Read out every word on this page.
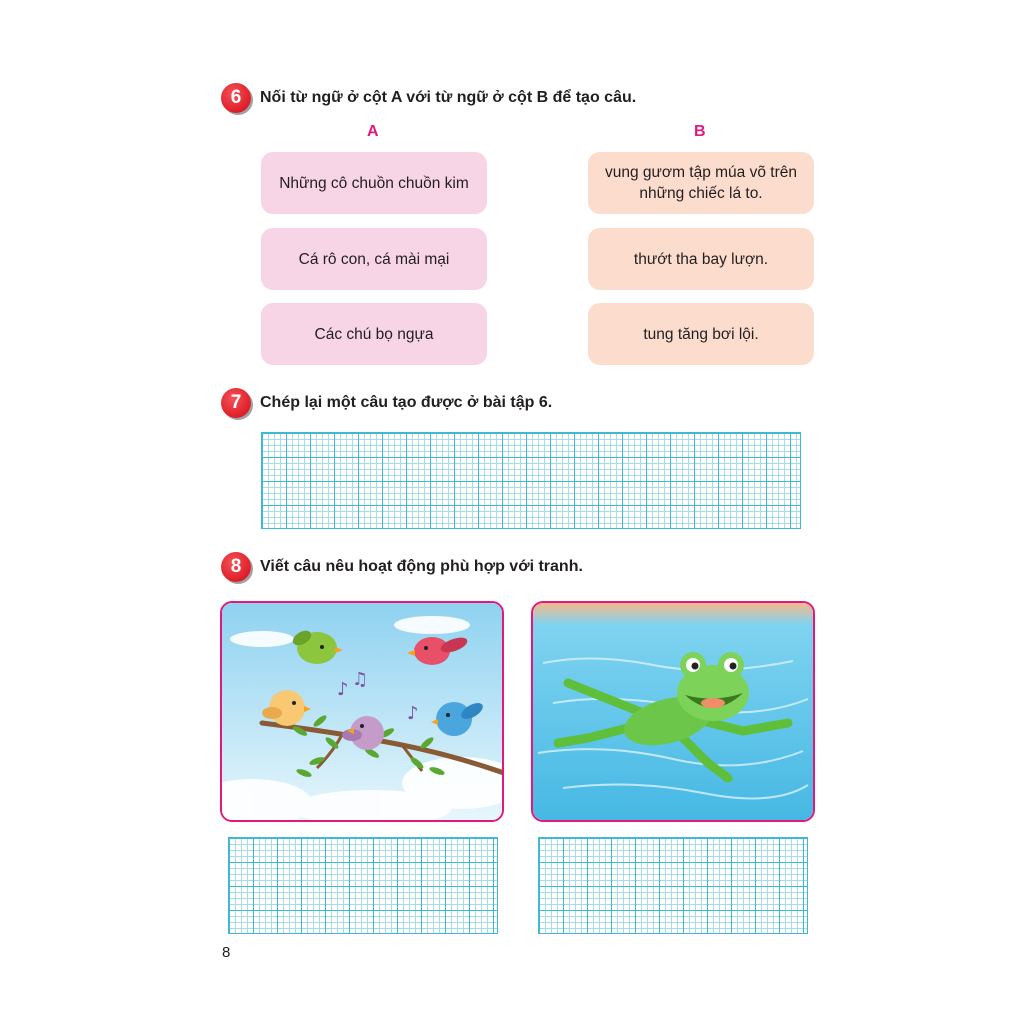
6	Nối từ ngữ ở cột A với từ ngữ ở cột B để tạo câu.
A	B
Những cô chuồn chuồn kim
Cá rô con, cá mài mại
Các chú bọ ngựa
vung gươm tập múa võ trên những chiếc lá to.
thướt tha bay lượn.
tung tăng bơi lội.
7	Chép lại một câu tạo được ở bài tập 6.
8	Viết câu nêu hoạt động phù hợp với tranh.
♪ ♫
♪
8
